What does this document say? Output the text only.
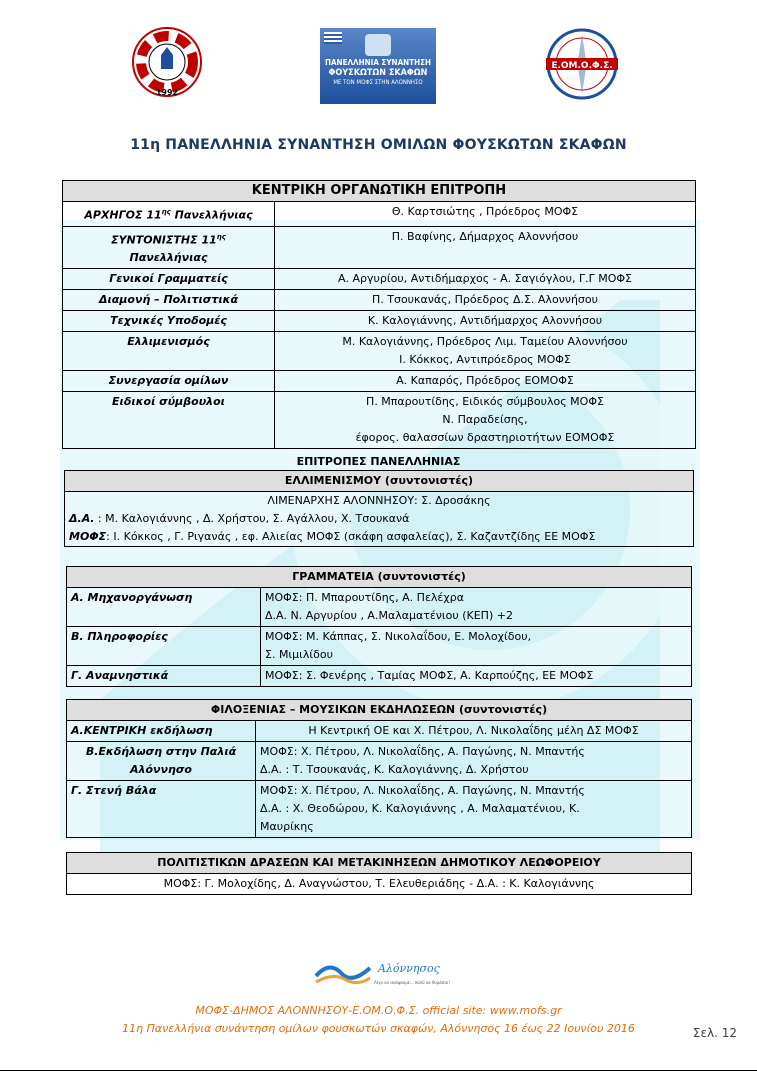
1992
ΠΑΝΕΛΛΗΝΙΑ ΣΥΝΑΝΤΗΣΗ
ΦΟΥΣΚΩΤΩΝ ΣΚΑΦΩΝ
ΜΕ ΤΟΝ ΜΟΦΣ ΣΤΗΝ ΑΛΟΝΝΗΣΟ
Ε.ΟΜ.Ο.Φ.Σ.
11η ΠΑΝΕΛΛΗΝΙΑ ΣΥΝΑΝΤΗΣΗ ΟΜΙΛΩΝ ΦΟΥΣΚΩΤΩΝ ΣΚΑΦΩΝ
ΚΕΝΤΡΙΚΗ ΟΡΓΑΝΩΤΙΚΗ ΕΠΙΤΡΟΠΗ	
ΑΡΧΗΓΟΣ $11^{\eta\varsigma}$ Πανελλήνιας	Θ. Καρτσιώτης , Πρόεδρος ΜΟΦΣ
ΣΥΝΤΟΝΙΣΤΗΣ $11^{\eta\varsigma}$
Πανελλήνιας	Π. Βαφίνης, Δήμαρχος Αλοννήσου
Γενικοί Γραμματείς	Α. Αργυρίου, Αντιδήμαρχος - Α. Σαγιόγλου, Γ.Γ ΜΟΦΣ
Διαμονή – Πολιτιστικά	Π. Τσουκανάς, Πρόεδρος Δ.Σ. Αλοννήσου
Τεχνικές Υποδομές	Κ. Καλογιάννης, Αντιδήμαρχος Αλοννήσου
Ελλιμενισμός	Μ. Καλογιάννης, Πρόεδρος Λιμ. Ταμείου Αλοννήσου
Ι. Κόκκος, Αντιπρόεδρος ΜΟΦΣ

Συνεργασία ομίλων	Α. Καπαρός, Πρόεδρος ΕΟΜΟΦΣ
Ειδικοί σύμβουλοι	Π. Μπαρουτίδης, Ειδικός σύμβουλος ΜΟΦΣ
Ν. Παραδείσης,
έφορος. θαλασσίων δραστηριοτήτων ΕΟΜΟΦΣ
ΕΠΙΤΡΟΠΕΣ ΠΑΝΕΛΛΗΝΙΑΣ
ΕΛΛΙΜΕΝΙΣΜΟΥ (συντονιστές)

ΛΙΜΕΝΑΡΧΗΣ ΑΛΟΝΝΗΣΟΥ: Σ. Δροσάκης
Δ.Α. : Μ. Καλογιάννης , Δ. Χρήστου, Σ. Αγάλλου, Χ. Τσουκανά
ΜΟΦΣ: Ι. Κόκκος , Γ. Ριγανάς , εφ. Αλιείας ΜΟΦΣ (σκάφη ασφαλείας), Σ. Καζαντζίδης ΕΕ ΜΟΦΣ
ΓΡΑΜΜΑΤΕΙΑ (συντονιστές)	
Α. Μηχανοργάνωση	ΜΟΦΣ: Π. Μπαρουτίδης, Α. Πελέχρα
Δ.Α. Ν. Αργυρίου , Α.Μαλαματένιου (ΚΕΠ) +2

Β. Πληροφορίες	ΜΟΦΣ: Μ. Κάππας, Σ. Νικολαΐδου, Ε. Μολοχίδου,
Σ. Μιμιλίδου

Γ. Αναμνηστικά	ΜΟΦΣ: Σ. Φενέρης , Ταμίας ΜΟΦΣ, Α. Καρπούζης, ΕΕ ΜΟΦΣ
ΦΙΛΟΞΕΝΙΑΣ – ΜΟΥΣΙΚΩΝ ΕΚΔΗΛΩΣΕΩΝ (συντονιστές)	
Α.ΚΕΝΤΡΙΚΗ εκδήλωση	Η Κεντρική ΟΕ και Χ. Πέτρου, Λ. Νικολαΐδης μέλη ΔΣ ΜΟΦΣ
Β.Εκδήλωση στην Παλιά Αλόννησο	ΜΟΦΣ: Χ. Πέτρου, Λ. Νικολαΐδης, Α. Παγώνης, Ν. Μπαντής
Δ.Α. : Τ. Τσουκανάς, Κ. Καλογιάννης, Δ. Χρήστου

Γ. Στενή Βάλα	ΜΟΦΣ: Χ. Πέτρου, Λ. Νικολαΐδης, Α. Παγώνης, Ν. Μπαντής
Δ.Α. : Χ. Θεοδώρου, Κ. Καλογιάννης , Α. Μαλαματένιου, Κ.
Μαυρίκης
ΠΟΛΙΤΙΣΤΙΚΩΝ ΔΡΑΣΕΩΝ ΚΑΙ ΜΕΤΑΚΙΝΗΣΕΩΝ ΔΗΜΟΤΙΚΟΥ ΛΕΩΦΟΡΕΙΟΥ
ΜΟΦΣ: Γ. Μολοχίδης, Δ. Αναγνώστου, Τ. Ελευθεριάδης - Δ.Α. : Κ. Καλογιάννης
Αλόννησος
Λίγο να ανάψουμε... πολύ να θυμάσαι!
ΜΟΦΣ-ΔΗΜΟΣ ΑΛΟΝΝΗΣΟΥ-Ε.ΟΜ.Ο.Φ.Σ. official site: www.mofs.gr
11η Πανελλήνια συνάντηση ομίλων φουσκωτών σκαφών, Αλόννησος 16 έως 22 Ιουνίου 2016	Σελ. 12
